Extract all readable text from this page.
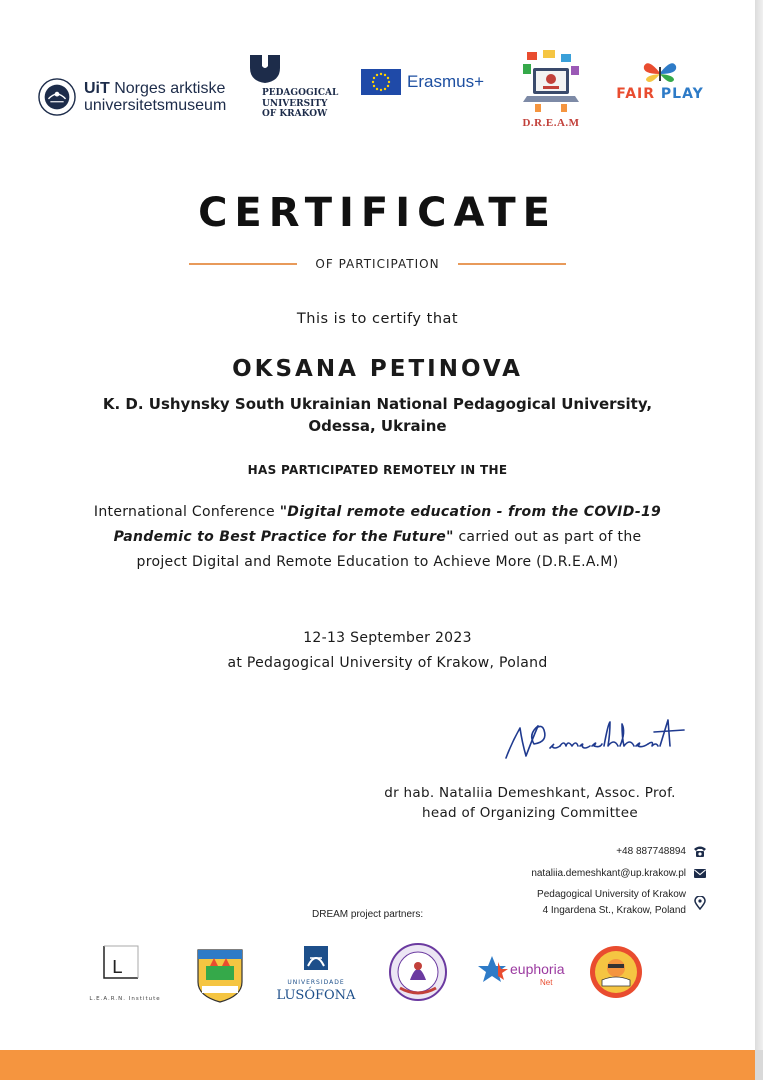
UiT Norges arktiske
universitetsmuseum
PEDAGOGICAL
UNIVERSITY
OF KRAKOW
Erasmus+
D.R.E.A.M
FAIR PLAY
CERTIFICATE
OF PARTICIPATION
This is to certify that
OKSANA PETINOVA
K. D. Ushynsky South Ukrainian National Pedagogical University,
Odessa, Ukraine
HAS PARTICIPATED REMOTELY IN THE
International Conference "Digital remote education - from the COVID-19 Pandemic to Best Practice for the Future" carried out as part of the project Digital and Remote Education to Achieve More (D.R.E.A.M)
12-13 September 2023
at Pedagogical University of Krakow, Poland
dr hab. Nataliia Demeshkant, Assoc. Prof.
head of Organizing Committee
+48 887748894
nataliia.demeshkant@up.krakow.pl
Pedagogical University of Krakow
4 Ingardena St., Krakow, Poland
DREAM project partners:
L
L.E.A.R.N. Institute
UNIVERSIDADE
LUSÓFONA
euphoria
Net
